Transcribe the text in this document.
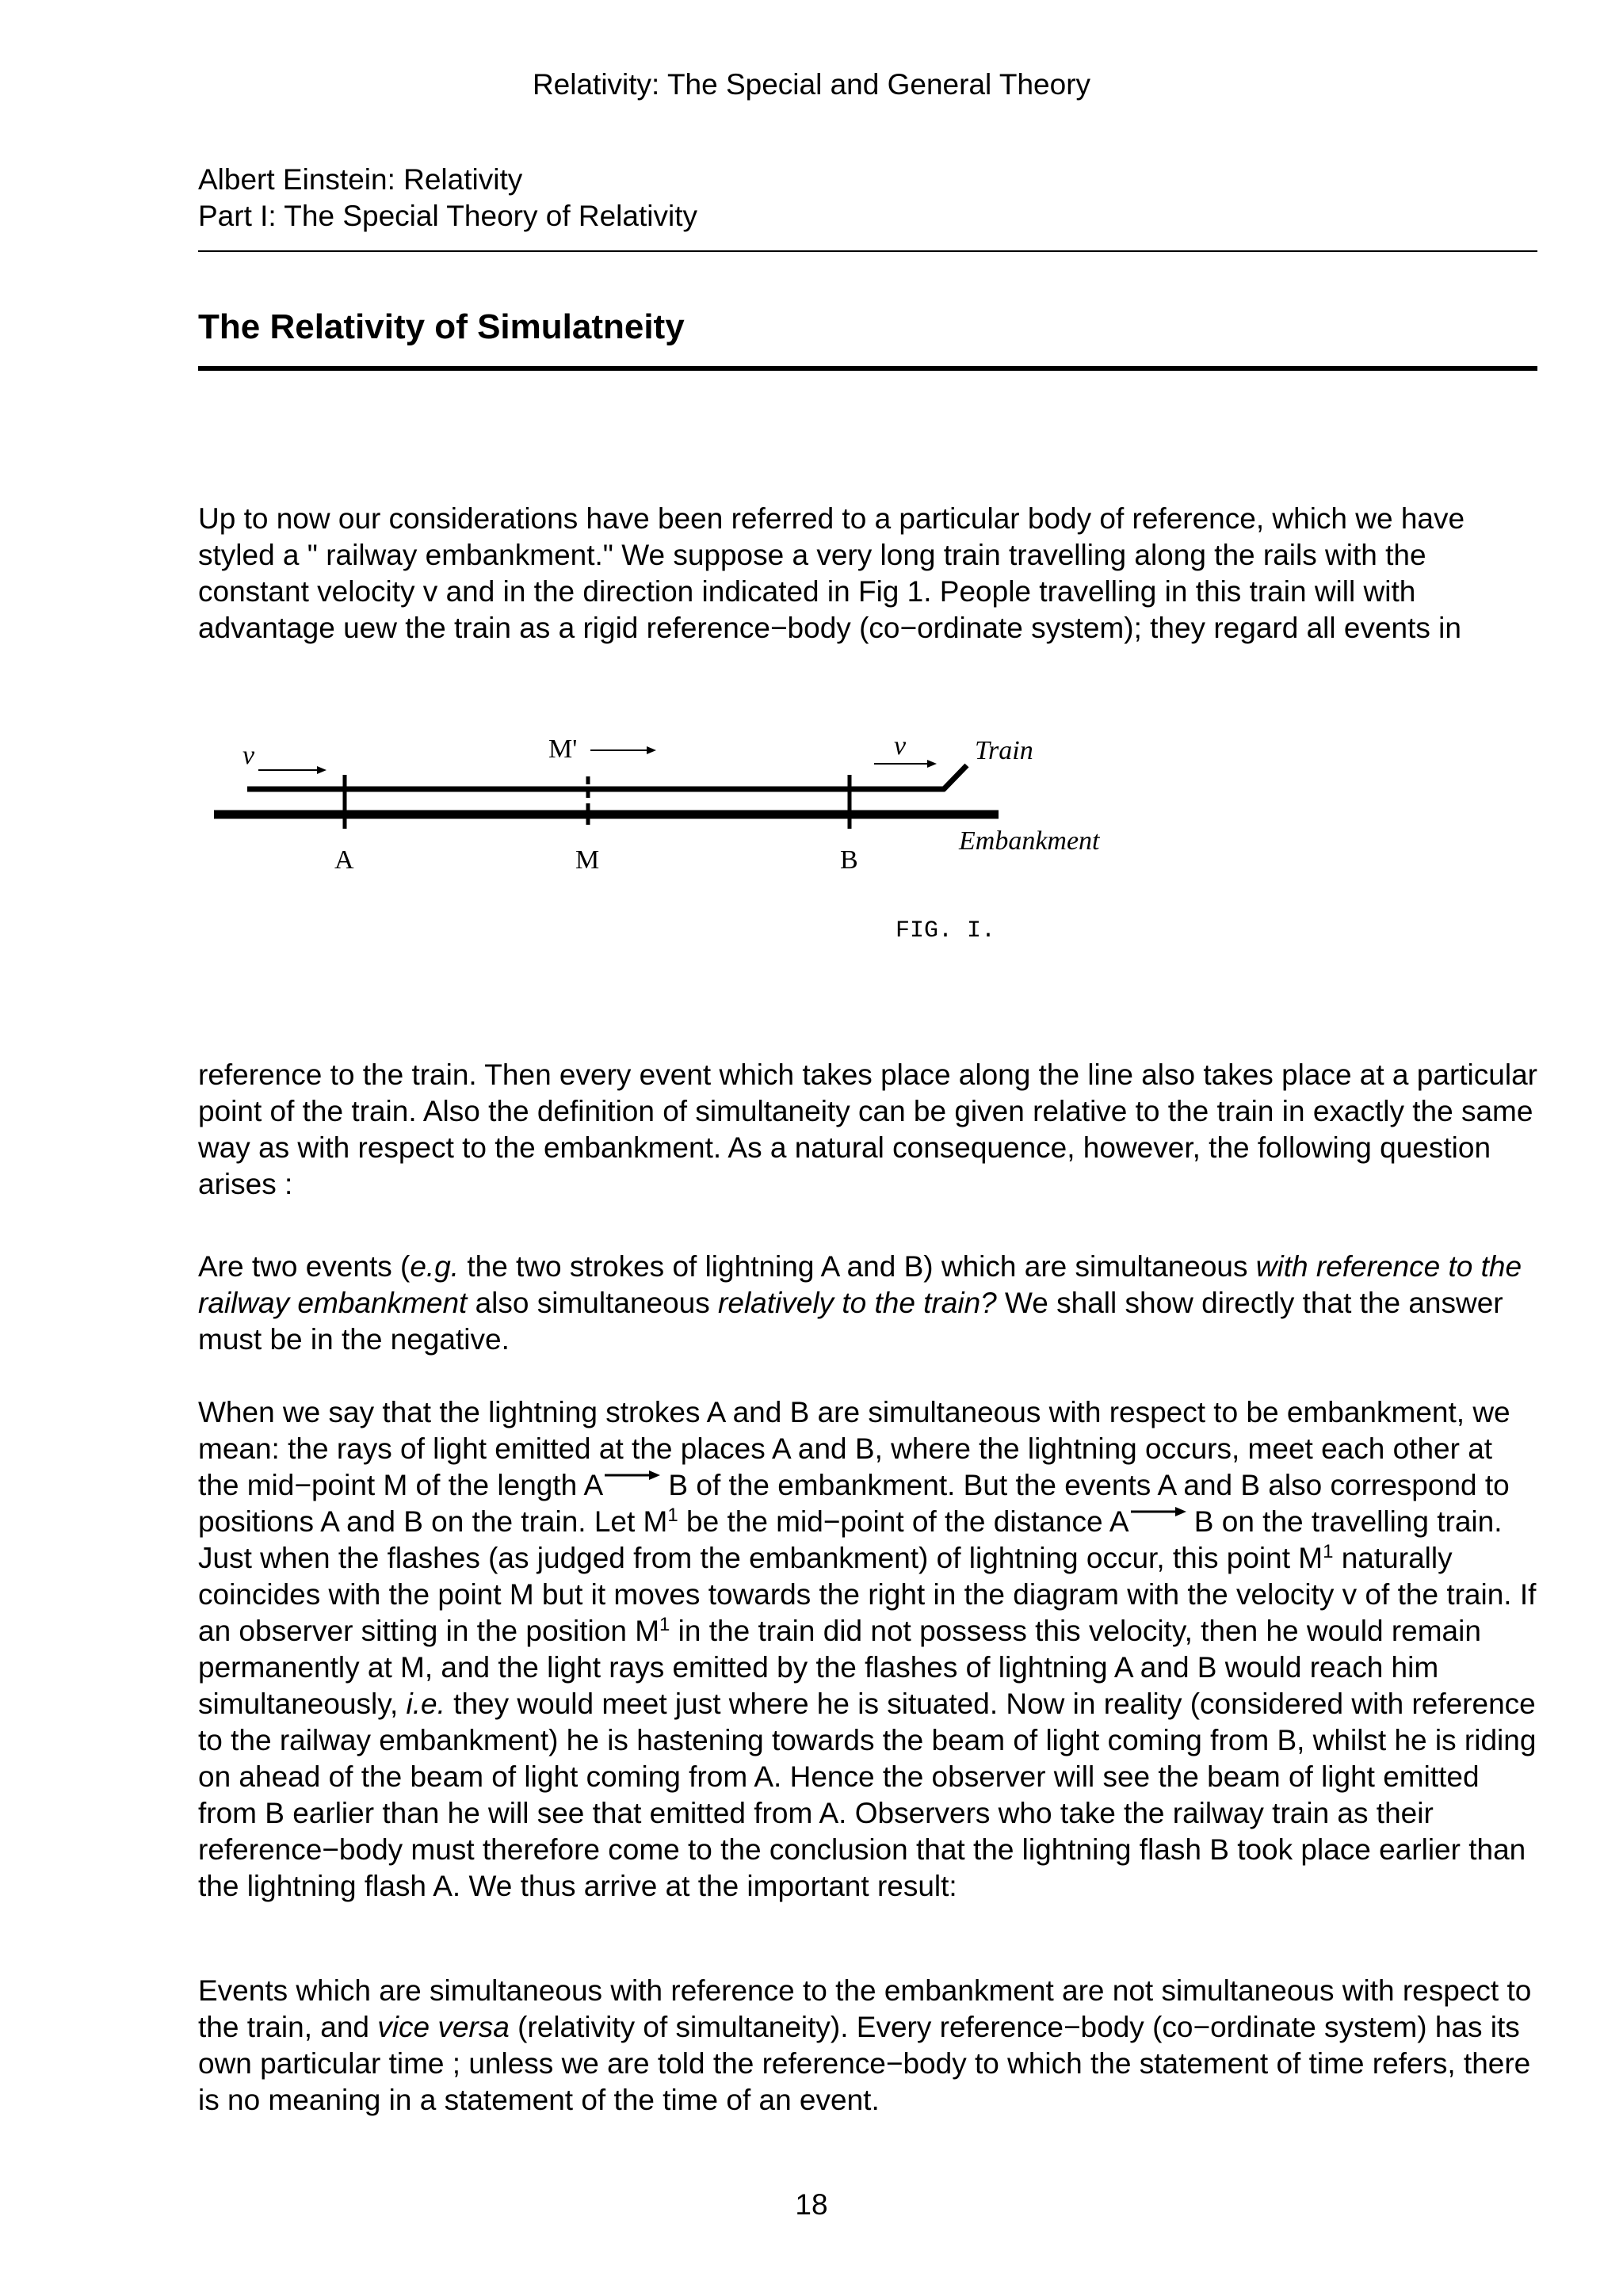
Relativity: The Special and General Theory
Albert Einstein: Relativity
Part I: The Special Theory of Relativity
The Relativity of Simulatneity

Up to now our considerations have been referred to a particular body of reference, which we have styled a " railway embankment." We suppose a very long train travelling along the rails with the constant velocity v and in the direction indicated in Fig 1. People travelling in this train will with advantage uew the train as a rigid reference−body (co−ordinate system); they regard all events in

v	M'	v	Train
A	M	B
Embankment
FIG. I.

reference to the train. Then every event which takes place along the line also takes place at a particular point of the train. Also the definition of simultaneity can be given relative to the train in exactly the same way as with respect to the embankment. As a natural consequence, however, the following question arises :

Are two events (e.g. the two strokes of lightning A and B) which are simultaneous with reference to the railway embankment also simultaneous relatively to the train? We shall show directly that the answer must be in the negative.

When we say that the lightning strokes A and B are simultaneous with respect to be embankment, we mean: the rays of light emitted at the places A and B, where the lightning occurs, meet each other at the mid−point M of the length A
B of the embankment. But the events A and B also correspond to positions A and B on the train. Let $M^1$ be the mid−point of the distance A
B on the travelling train. Just when the flashes (as judged from the embankment) of lightning occur, this point $M^1$ naturally coincides with the point M but it moves towards the right in the diagram with the velocity v of the train. If an observer sitting in the position $M^1$ in the train did not possess this velocity, then he would remain permanently at M, and the light rays emitted by the flashes of lightning A and B would reach him simultaneously, i.e. they would meet just where he is situated. Now in reality (considered with reference to the railway embankment) he is hastening towards the beam of light coming from B, whilst he is riding on ahead of the beam of light coming from A. Hence the observer will see the beam of light emitted from B earlier than he will see that emitted from A. Observers who take the railway train as their reference−body must therefore come to the conclusion that the lightning flash B took place earlier than the lightning flash A. We thus arrive at the important result:

Events which are simultaneous with reference to the embankment are not simultaneous with respect to the train, and vice versa (relativity of simultaneity). Every reference−body (co−ordinate system) has its own particular time ; unless we are told the reference−body to which the statement of time refers, there is no meaning in a statement of the time of an event.

18
